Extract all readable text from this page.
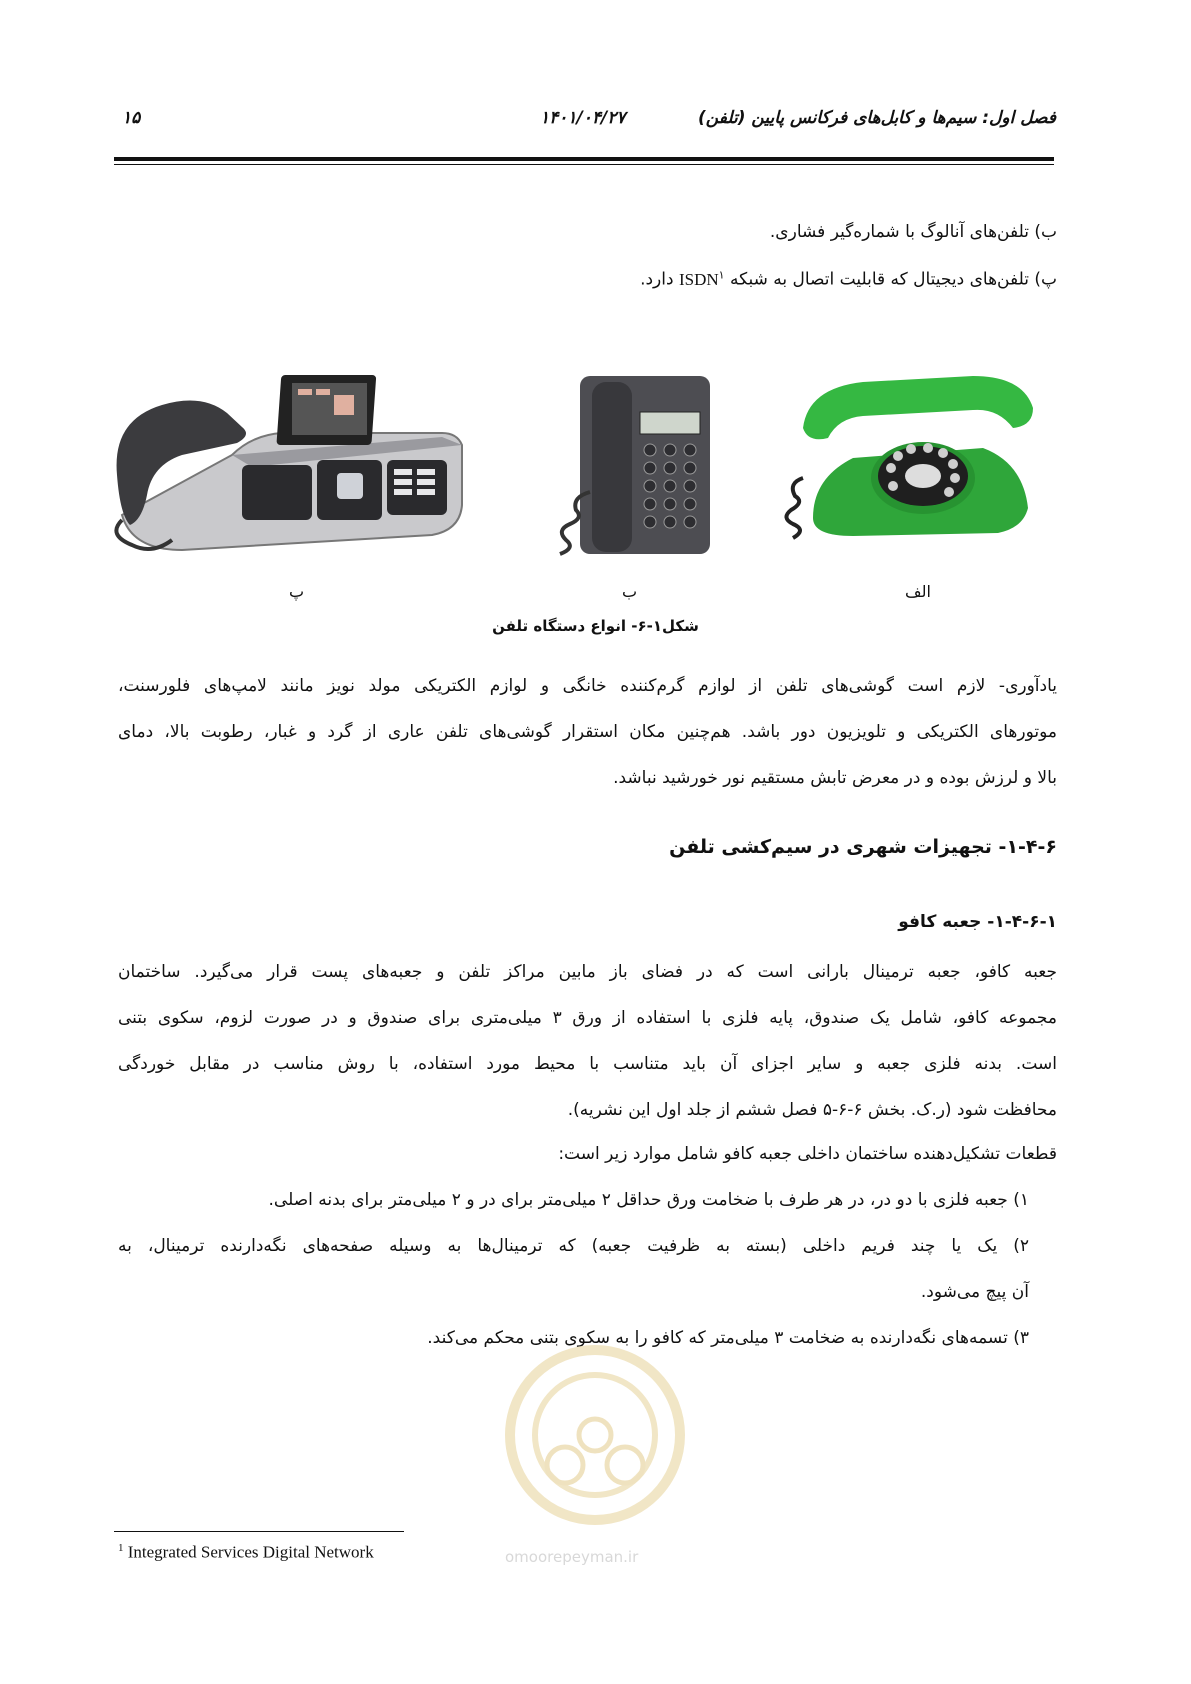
فصل اول: سیم‌ها و کابل‌های فرکانس پایین (تلفن)
۱۴۰۱/۰۴/۲۷
۱۵
ب) تلفن‌های آنالوگ با شماره‌گیر فشاری.
پ) تلفن‌های دیجیتال که قابلیت اتصال به شبکه ISDN$^۱$ دارد.
الف
ب
پ
شکل۱-۶- انواع دستگاه تلفن
یادآوری- لازم است گوشی‌های تلفن از لوازم گرم‌کننده خانگی و لوازم الکتریکی مولد نویز مانند لامپ‌های فلورسنت،
موتورهای الکتریکی و تلویزیون دور باشد. هم‌چنین مکان استقرار گوشی‌های تلفن عاری از گرد و غبار، رطوبت بالا، دمای
بالا و لرزش بوده و در معرض تابش مستقیم نور خورشید نباشد.
۱-۴-۶- تجهیزات شهری در سیم‌کشی تلفن
۱-۴-۶-۱- جعبه کافو
جعبه کافو، جعبه ترمینال بارانی است که در فضای باز مابین مراکز تلفن و جعبه‌های پست قرار می‌گیرد. ساختمان
مجموعه کافو، شامل یک صندوق، پایه فلزی با استفاده از ورق ۳ میلی‌متری برای صندوق و در صورت لزوم، سکوی بتنی
است. بدنه فلزی جعبه و سایر اجزای آن باید متناسب با محیط مورد استفاده، با روش مناسب در مقابل خوردگی
محافظت شود (ر.ک. بخش ۶-۶-۵ فصل ششم از جلد اول این نشریه).
قطعات تشکیل‌دهنده ساختمان داخلی جعبه کافو شامل موارد زیر است:
۱) جعبه فلزی با دو در، در هر طرف با ضخامت ورق حداقل ۲ میلی‌متر برای در و ۲ میلی‌متر برای بدنه اصلی.
۲) یک یا چند فریم داخلی (بسته به ظرفیت جعبه) که ترمینال‌ها به وسیله صفحه‌های نگه‌دارنده ترمینال، به
آن پیچ می‌شود.
۳) تسمه‌های نگه‌دارنده به ضخامت ۳ میلی‌متر که کافو را به سکوی بتنی محکم می‌کند.
omoorepeyman.ir
$^1$ Integrated Services Digital Network
